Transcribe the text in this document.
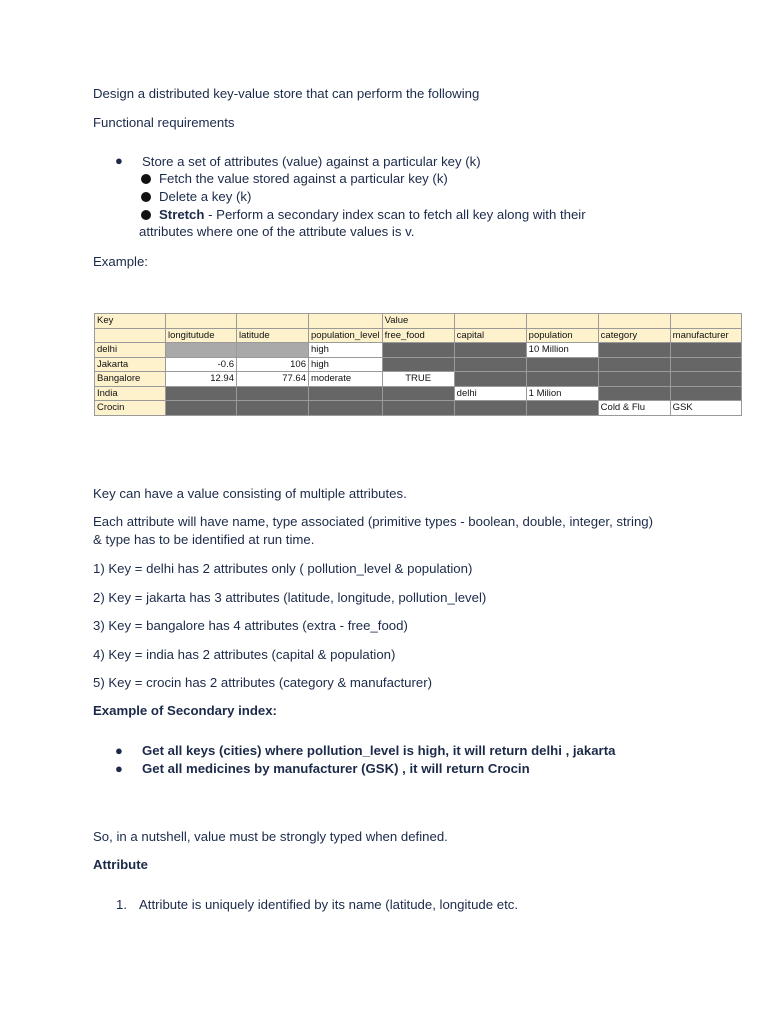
Design a distributed key-value store that can perform the following
Functional requirements
● Store a set of attributes (value) against a particular key (k)
Fetch the value stored against a particular key (k)
Delete a key (k)
Stretch - Perform a secondary index scan to fetch all key along with their
attributes where one of the attribute values is v.
Example:
Key				Value				
	longitutude	latitude	population_level	free_food	capital	population	category	manufacturer
delhi			high			10 Million		
Jakarta	-0.6	106	high					
Bangalore	12.94	77.64	moderate	TRUE				
India					delhi	1 Milion		
Crocin							Cold & Flu	GSK
Key can have a value consisting of multiple attributes.
Each attribute will have name, type associated (primitive types - boolean, double, integer, string)
& type has to be identified at run time.
1) Key = delhi has 2 attributes only ( pollution_level & population)
2) Key = jakarta has 3 attributes (latitude, longitude, pollution_level)
3) Key = bangalore has 4 attributes (extra - free_food)
4) Key = india has 2 attributes (capital & population)
5) Key = crocin has 2 attributes (category & manufacturer)
Example of Secondary index:
● Get all keys (cities) where pollution_level is high, it will return delhi , jakarta
● Get all medicines by manufacturer (GSK) , it will return Crocin
So, in a nutshell, value must be strongly typed when defined.
Attribute
1. Attribute is uniquely identified by its name (latitude, longitude etc.
